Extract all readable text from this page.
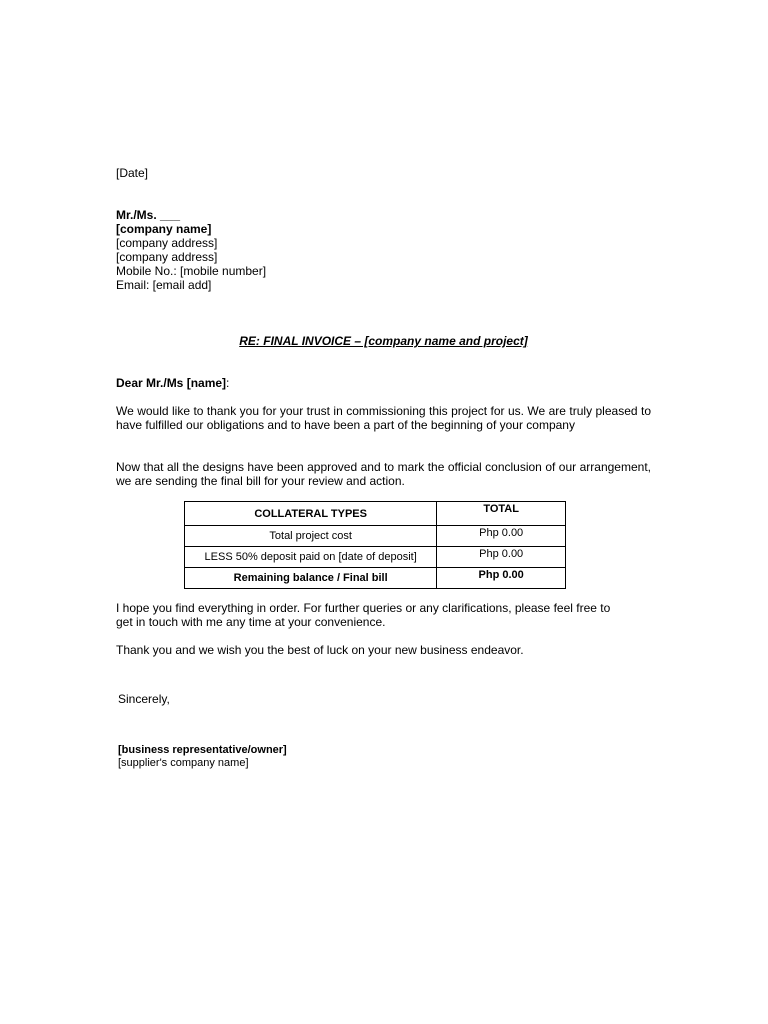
[Date]

Mr./Ms. ___

[company name]

[company address]

[company address]

Mobile No.: [mobile number]

Email: [email add]

RE: FINAL INVOICE – [company name and project]

Dear Mr./Ms [name]:

We would like to thank you for your trust in commissioning this project for us. We are truly pleased to have fulfilled our obligations and to have been a part of the beginning of your company

Now that all the designs have been approved and to mark the official conclusion of our arrangement, we are sending the final bill for your review and action.

COLLATERAL TYPES	TOTAL
Total project cost	Php 0.00
LESS 50% deposit paid on [date of deposit]	Php 0.00
Remaining balance / Final bill	Php 0.00

I hope you find everything in order. For further queries or any clarifications, please feel free to

get in touch with me any time at your convenience.

Thank you and we wish you the best of luck on your new business endeavor.

Sincerely,

[business representative/owner]

[supplier's company name]
